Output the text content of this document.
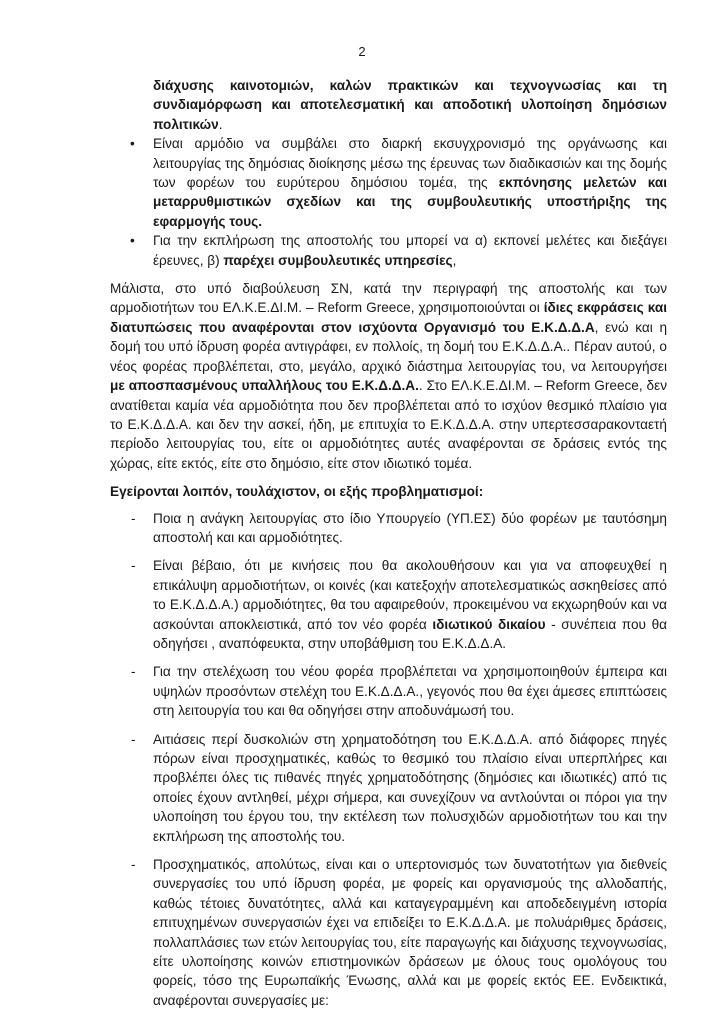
2

διάχυσης καινοτομιών, καλών πρακτικών και τεχνογνωσίας και τη συνδιαμόρφωση και αποτελεσματική και αποδοτική υλοποίηση δημόσιων πολιτικών.

• Είναι αρμόδιο να συμβάλει στο διαρκή εκσυγχρονισμό της οργάνωσης και λειτουργίας της δημόσιας διοίκησης μέσω της έρευνας των διαδικασιών και της δομής των φορέων του ευρύτερου δημόσιου τομέα, της εκπόνησης μελετών και μεταρρυθμιστικών σχεδίων και της συμβουλευτικής υποστήριξης της εφαρμογής τους.
• Για την εκπλήρωση της αποστολής του μπορεί να α) εκπονεί μελέτες και διεξάγει έρευνες, β) παρέχει συμβουλευτικές υπηρεσίες,

Μάλιστα, στο υπό διαβούλευση ΣΝ, κατά την περιγραφή της αποστολής και των αρμοδιοτήτων του ΕΛ.Κ.Ε.ΔΙ.Μ. – Reform Greece, χρησιμοποιούνται οι ίδιες εκφράσεις και διατυπώσεις που αναφέρονται στον ισχύοντα Οργανισμό του Ε.Κ.Δ.Δ.Α, ενώ και η δομή του υπό ίδρυση φορέα αντιγράφει, εν πολλοίς, τη δομή του Ε.Κ.Δ.Δ.Α.. Πέραν αυτού, ο νέος φορέας προβλέπεται, στο, μεγάλο, αρχικό διάστημα λειτουργίας του, να λειτουργήσει με αποσπασμένους υπαλλήλους του Ε.Κ.Δ.Δ.Α.. Στο ΕΛ.Κ.Ε.ΔΙ.Μ. – Reform Greece, δεν ανατίθεται καμία νέα αρμοδιότητα που δεν προβλέπεται από το ισχύον θεσμικό πλαίσιο για το Ε.Κ.Δ.Δ.Α. και δεν την ασκεί, ήδη, με επιτυχία το Ε.Κ.Δ.Δ.Α. στην υπερτεσσαρακονταετή περίοδο λειτουργίας του, είτε οι αρμοδιότητες αυτές αναφέρονται σε δράσεις εντός της χώρας, είτε εκτός, είτε στο δημόσιο, είτε στον ιδιωτικό τομέα.

Εγείρονται λοιπόν, τουλάχιστον, οι εξής προβληματισμοί:

- Ποια η ανάγκη λειτουργίας στο ίδιο Υπουργείο (ΥΠ.ΕΣ) δύο φορέων με ταυτόσημη αποστολή και και αρμοδιότητες.
- Είναι βέβαιο, ότι με κινήσεις που θα ακολουθήσουν και για να αποφευχθεί η επικάλυψη αρμοδιοτήτων, οι κοινές (και κατεξοχήν αποτελεσματικώς ασκηθείσες από το Ε.Κ.Δ.Δ.Α.) αρμοδιότητες, θα του αφαιρεθούν, προκειμένου να εκχωρηθούν και να ασκούνται αποκλειστικά, από τον νέο φορέα ιδιωτικού δικαίου - συνέπεια που θα οδηγήσει , αναπόφευκτα, στην υποβάθμιση του Ε.Κ.Δ.Δ.Α.
- Για την στελέχωση του νέου φορέα προβλέπεται να χρησιμοποιηθούν έμπειρα και υψηλών προσόντων στελέχη του Ε.Κ.Δ.Δ.Α., γεγονός που θα έχει άμεσες επιπτώσεις στη λειτουργία του και θα οδηγήσει στην αποδυνάμωσή του.
- Αιτιάσεις περί δυσκολιών στη χρηματοδότηση του Ε.Κ.Δ.Δ.Α. από διάφορες πηγές πόρων είναι προσχηματικές, καθώς το θεσμικό του πλαίσιο είναι υπερπλήρες και προβλέπει όλες τις πιθανές πηγές χρηματοδότησης (δημόσιες και ιδιωτικές) από τις οποίες έχουν αντληθεί, μέχρι σήμερα, και συνεχίζουν να αντλούνται οι πόροι για την υλοποίηση του έργου του, την εκτέλεση των πολυσχιδών αρμοδιοτήτων του και την εκπλήρωση της αποστολής του.
- Προσχηματικός, απολύτως, είναι και ο υπερτονισμός των δυνατοτήτων για διεθνείς συνεργασίες του υπό ίδρυση φορέα, με φορείς και οργανισμούς της αλλοδαπής, καθώς τέτοιες δυνατότητες, αλλά και καταγεγραμμένη και αποδεδειγμένη ιστορία επιτυχημένων συνεργασιών έχει να επιδείξει το Ε.Κ.Δ.Δ.Α. με πολυάριθμες δράσεις, πολλαπλάσιες των ετών λειτουργίας του, είτε παραγωγής και διάχυσης τεχνογνωσίας, είτε υλοποίησης κοινών επιστημονικών δράσεων με όλους τους ομολόγους του φορείς, τόσο της Ευρωπαϊκής Ένωσης, αλλά και με φορείς εκτός ΕΕ. Ενδεικτικά, αναφέρονται συνεργασίες με:
